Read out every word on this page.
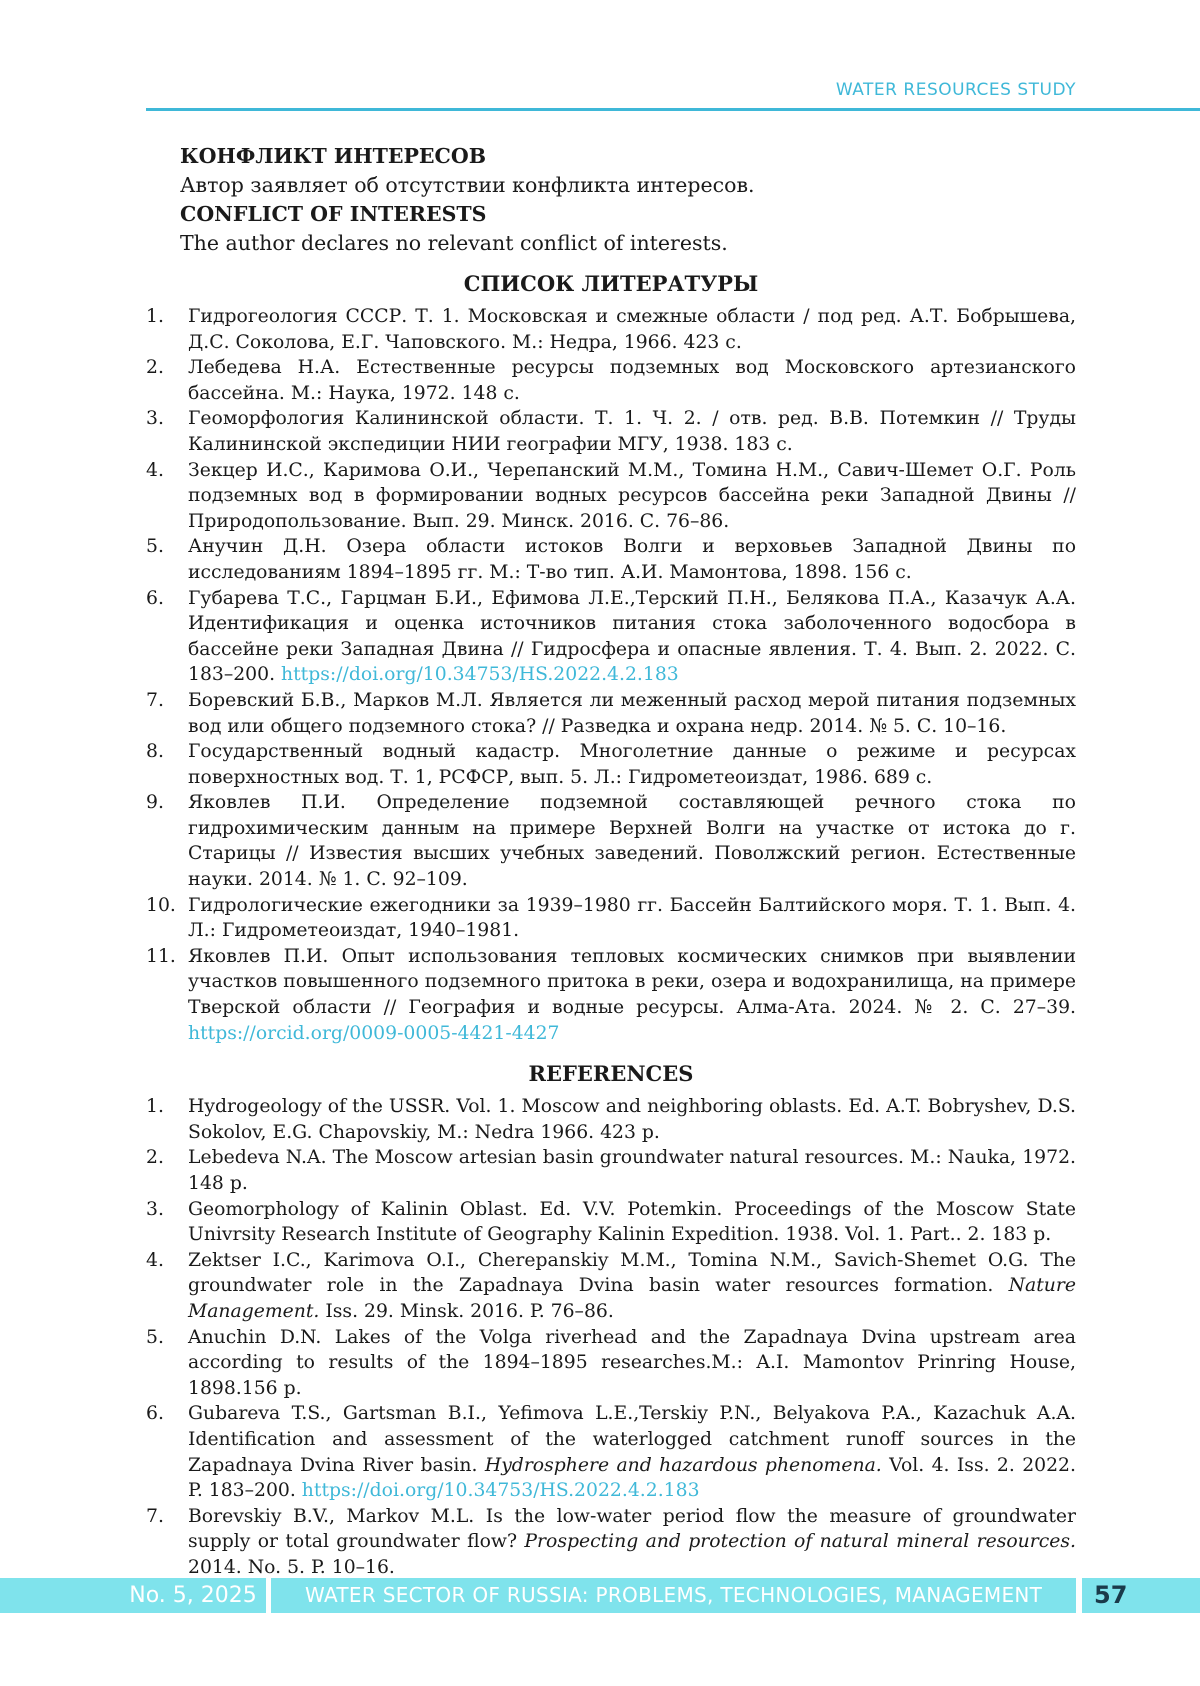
WATER RESOURCES STUDY
КОНФЛИКТ ИНТЕРЕСОВ
Автор заявляет об отсутствии конфликта интересов.
CONFLICT OF INTERESTS
The author declares no relevant conflict of interests.
СПИСОК ЛИТЕРАТУРЫ
1.	Гидрогеология СССР. Т. 1. Московская и смежные области / под ред. А.Т. Бобрышева, Д.С. Соколова, Е.Г. Чаповского. М.: Недра, 1966. 423 с.
2.	Лебедева Н.А. Естественные ресурсы подземных вод Московского артезианского бассейна. М.: Наука, 1972. 148 с.
3.	Геоморфология Калининской области. Т. 1. Ч. 2. / отв. ред. В.В. Потемкин // Труды Калининской экспедиции НИИ географии МГУ, 1938. 183 с.
4.	Зекцер И.С., Каримова О.И., Черепанский М.М., Томина Н.М., Савич-Шемет О.Г. Роль подземных вод в формировании водных ресурсов бассейна реки Западной Двины // Природопользование. Вып. 29. Минск. 2016. С. 76–86.
5.	Анучин Д.Н. Озера области истоков Волги и верховьев Западной Двины по исследованиям 1894–1895 гг. М.: Т-во тип. А.И. Мамонтова, 1898. 156 с.
6.	Губарева Т.С., Гарцман Б.И., Ефимова Л.Е.,Терский П.Н., Белякова П.А., Казачук А.А. Идентификация и оценка источников питания стока заболоченного водосбора в бассейне реки Западная Двина // Гидросфера и опасные явления. Т. 4. Вып. 2. 2022. С. 183–200. https://doi.org/10.34753/HS.2022.4.2.183
7.	Боревский Б.В., Марков М.Л. Является ли меженный расход мерой питания подземных вод или общего подземного стока? // Разведка и охрана недр. 2014. № 5. С. 10–16.
8.	Государственный водный кадастр. Многолетние данные о режиме и ресурсах поверхностных вод. Т. 1, РСФСР, вып. 5. Л.: Гидрометеоиздат, 1986. 689 с.
9.	Яковлев П.И. Определение подземной составляющей речного стока по гидрохимическим данным на примере Верхней Волги на участке от истока до г. Старицы // Известия высших учебных заведений. Поволжский регион. Естественные науки. 2014. № 1. С. 92–109.
10. Гидрологические ежегодники за 1939–1980 гг. Бассейн Балтийского моря. Т. 1. Вып. 4. Л.: Гидрометеоиздат, 1940–1981.
11. Яковлев П.И. Опыт использования тепловых космических снимков при выявлении участков повышенного подземного притока в реки, озера и водохранилища, на примере Тверской области // География и водные ресурсы. Алма-Ата. 2024. № 2. С. 27–39. https://orcid.org/0009-0005-4421-4427
REFERENCES
1.	Hydrogeology of the USSR. Vol. 1. Moscow and neighboring oblasts. Ed. A.T. Bobryshev, D.S. Sokolov, E.G. Chapovskiy, M.: Nedra 1966. 423 p.
2.	Lebedeva N.A. The Moscow artesian basin groundwater natural resources. M.: Nauka, 1972. 148 p.
3.	Geomorphology of Kalinin Oblast. Ed. V.V. Potemkin. Proceedings of the Moscow State Univrsity Research Institute of Geography Kalinin Expedition. 1938. Vol. 1. Part.. 2. 183 p.
4.	Zektser I.C., Karimova O.I., Cherepanskiy M.M., Tomina N.M., Savich-Shemet O.G. The groundwater role in the Zapadnaya Dvina basin water resources formation. Nature Management. Iss. 29. Minsk. 2016. P. 76–86.
5.	Anuchin D.N. Lakes of the Volga riverhead and the Zapadnaya Dvina upstream area according to results of the 1894–1895 researches.M.: A.I. Mamontov Prinring House, 1898.156 p.
6.	Gubareva T.S., Gartsman B.I., Yefimova L.E.,Terskiy P.N., Belyakova P.A., Kazachuk A.A. Identification and assessment of the waterlogged catchment runoff sources in the Zapadnaya Dvina River basin. Hydrosphere and hazardous phenomena. Vol. 4. Iss. 2. 2022. P. 183–200. https://doi.org/10.34753/HS.2022.4.2.183
7.	Borevskiy B.V., Markov M.L. Is the low-water period flow the measure of groundwater supply or total groundwater flow? Prospecting and protection of natural mineral resources. 2014. No. 5. P. 10–16.
No. 5, 2025	WATER SECTOR OF RUSSIA: PROBLEMS, TECHNOLOGIES, MANAGEMENT	57
